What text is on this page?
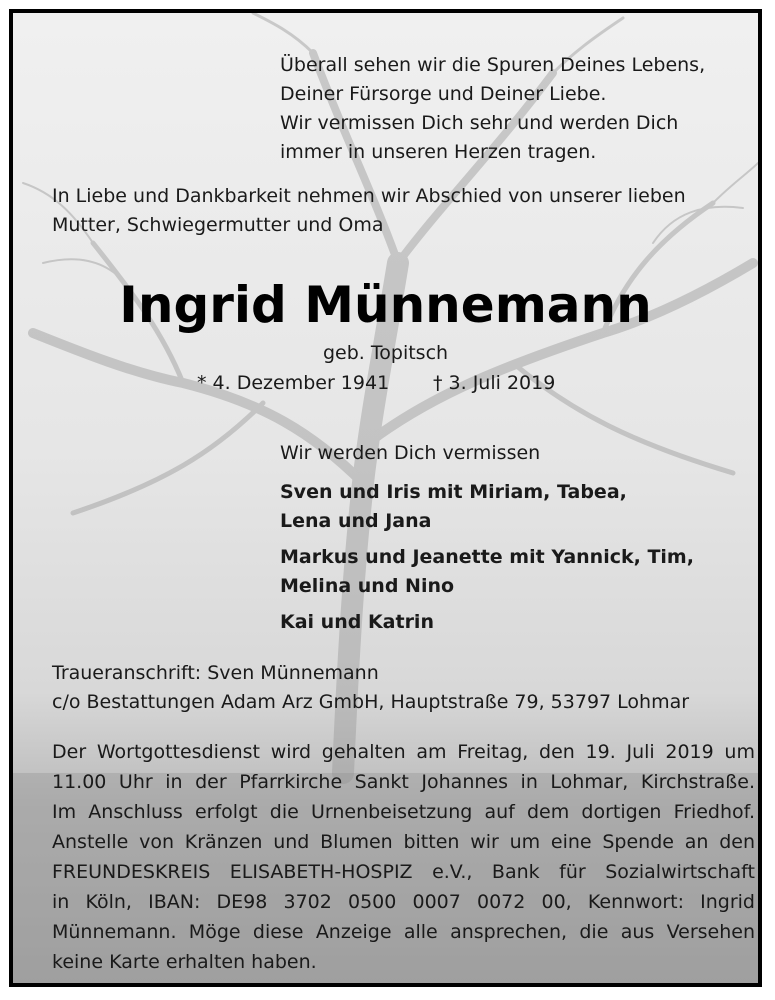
Überall sehen wir die Spuren Deines Lebens,
Deiner Fürsorge und Deiner Liebe.
Wir vermissen Dich sehr und werden Dich
immer in unseren Herzen tragen.
In Liebe und Dankbarkeit nehmen wir Abschied von unserer lieben
Mutter, Schwiegermutter und Oma
Ingrid Münnemann
geb. Topitsch
* 4. Dezember 1941 † 3. Juli 2019
Wir werden Dich vermissen
Sven und Iris mit Miriam, Tabea,
Lena und Jana
Markus und Jeanette mit Yannick, Tim,
Melina und Nino
Kai und Katrin
Traueranschrift: Sven Münnemann
c/o Bestattungen Adam Arz GmbH, Hauptstraße 79, 53797 Lohmar
Der Wortgottesdienst wird gehalten am Freitag, den 19. Juli 2019 um
11.00 Uhr in der Pfarrkirche Sankt Johannes in Lohmar, Kirchstraße.
Im Anschluss erfolgt die Urnenbeisetzung auf dem dortigen Friedhof.
Anstelle von Kränzen und Blumen bitten wir um eine Spende an den
FREUNDESKREIS ELISABETH-HOSPIZ e.V., Bank für Sozialwirtschaft
in Köln, IBAN: DE98 3702 0500 0007 0072 00, Kennwort: Ingrid
Münnemann. Möge diese Anzeige alle ansprechen, die aus Versehen
keine Karte erhalten haben.
